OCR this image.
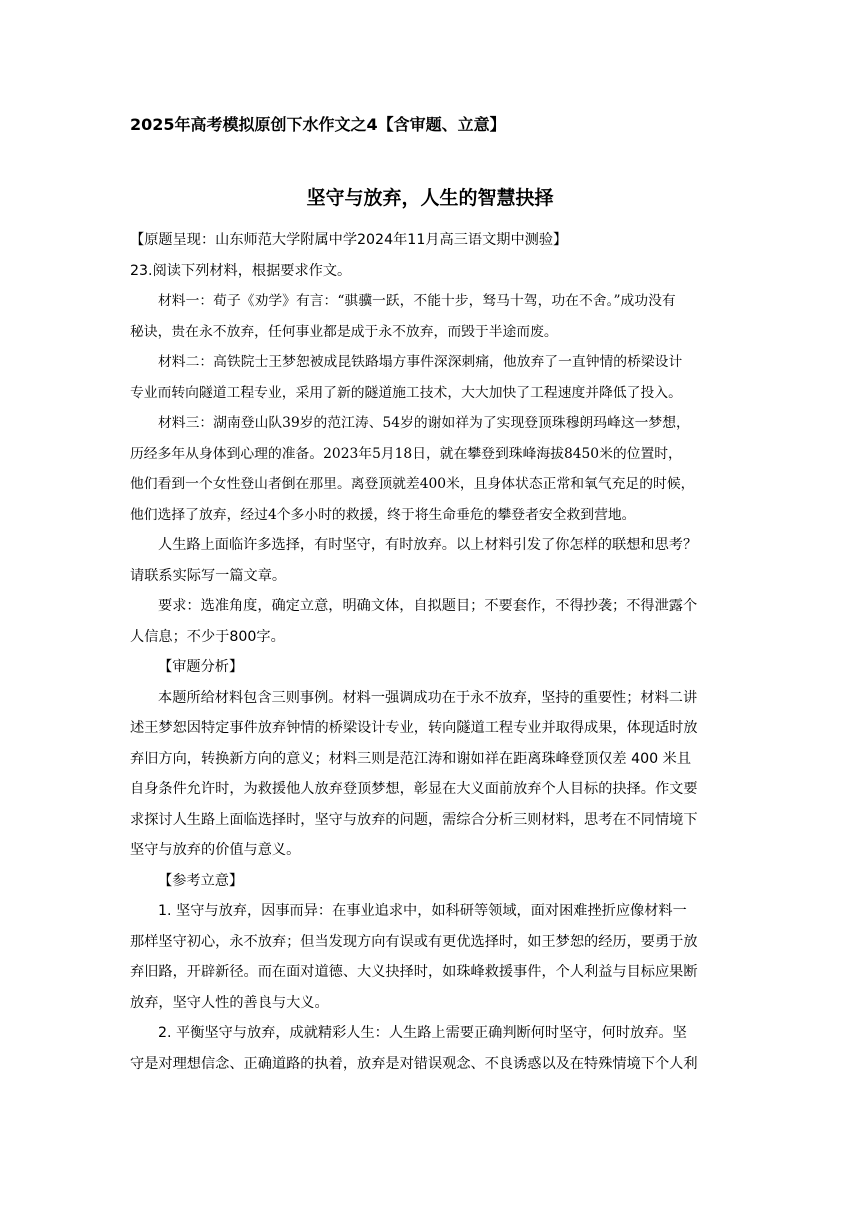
2025年高考模拟原创下水作文之4【含审题、立意】
坚守与放弃，人生的智慧抉择
【原题呈现：山东师范大学附属中学2024年11月高三语文期中测验】
23.阅读下列材料，根据要求作文。
材料一：荀子《劝学》有言：“骐骥一跃，不能十步，驽马十驾，功在不舍。”成功没有
秘诀，贵在永不放弃，任何事业都是成于永不放弃，而毁于半途而废。
材料二：高铁院士王梦恕被成昆铁路塌方事件深深刺痛，他放弃了一直钟情的桥梁设计
专业而转向隧道工程专业，采用了新的隧道施工技术，大大加快了工程速度并降低了投入。
材料三：湖南登山队39岁的范江涛、54岁的谢如祥为了实现登顶珠穆朗玛峰这一梦想，
历经多年从身体到心理的准备。2023年5月18日，就在攀登到珠峰海拔8450米的位置时，
他们看到一个女性登山者倒在那里。离登顶就差400米，且身体状态正常和氧气充足的时候，
他们选择了放弃，经过4个多小时的救援，终于将生命垂危的攀登者安全救到营地。
人生路上面临许多选择，有时坚守，有时放弃。以上材料引发了你怎样的联想和思考？
请联系实际写一篇文章。
要求：选准角度，确定立意，明确文体，自拟题目；不要套作，不得抄袭；不得泄露个
人信息；不少于800字。
【审题分析】
本题所给材料包含三则事例。材料一强调成功在于永不放弃，坚持的重要性；材料二讲
述王梦恕因特定事件放弃钟情的桥梁设计专业，转向隧道工程专业并取得成果，体现适时放
弃旧方向，转换新方向的意义；材料三则是范江涛和谢如祥在距离珠峰登顶仅差 400 米且
自身条件允许时，为救援他人放弃登顶梦想，彰显在大义面前放弃个人目标的抉择。作文要
求探讨人生路上面临选择时，坚守与放弃的问题，需综合分析三则材料，思考在不同情境下
坚守与放弃的价值与意义。
【参考立意】
1. 坚守与放弃，因事而异：在事业追求中，如科研等领域，面对困难挫折应像材料一
那样坚守初心，永不放弃；但当发现方向有误或有更优选择时，如王梦恕的经历，要勇于放
弃旧路，开辟新径。而在面对道德、大义抉择时，如珠峰救援事件，个人利益与目标应果断
放弃，坚守人性的善良与大义。
2. 平衡坚守与放弃，成就精彩人生：人生路上需要正确判断何时坚守，何时放弃。坚
守是对理想信念、正确道路的执着，放弃是对错误观念、不良诱惑以及在特殊情境下个人利
